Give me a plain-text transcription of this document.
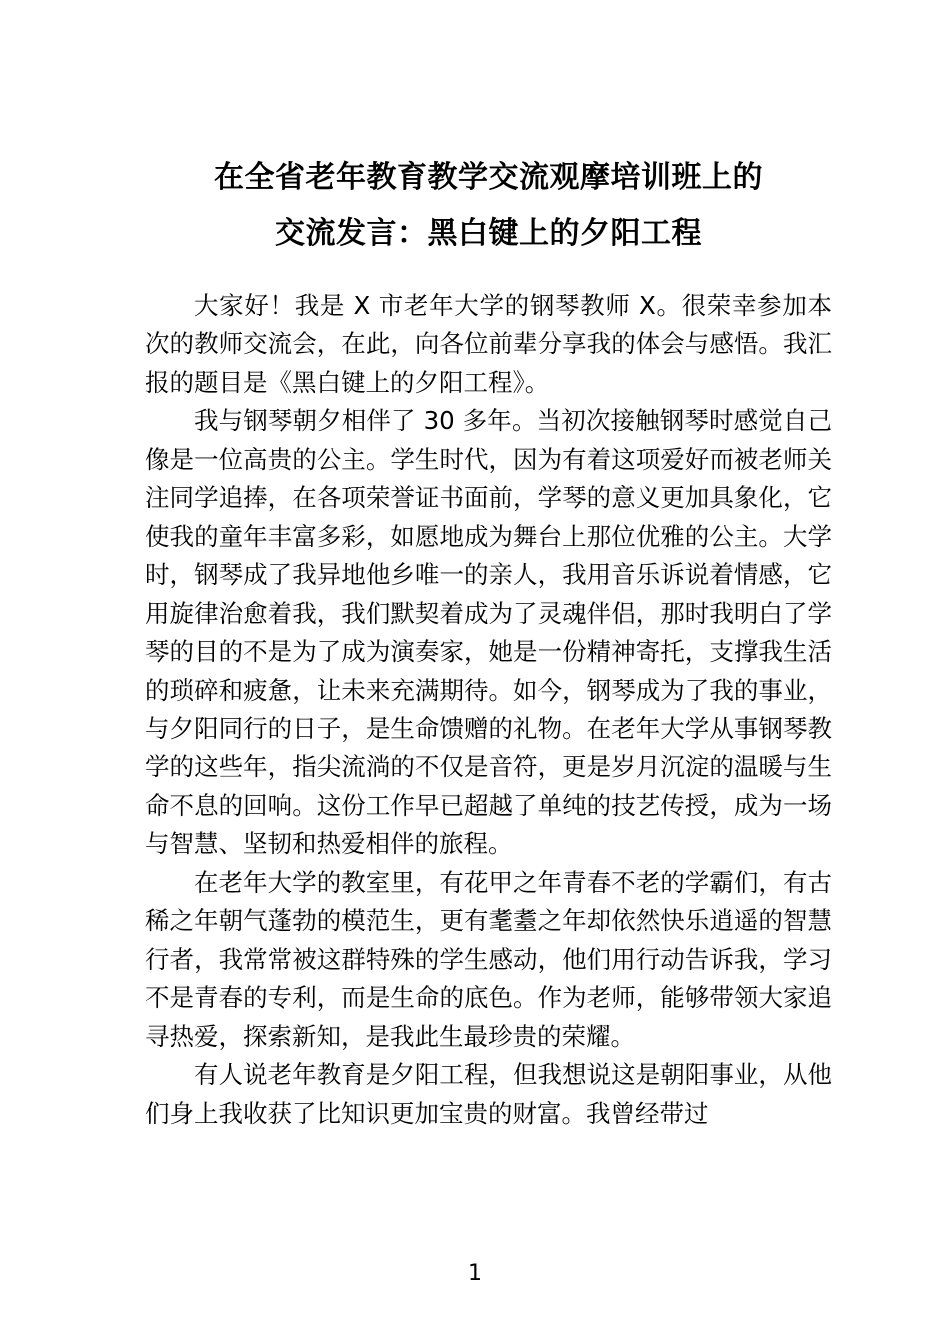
在全省老年教育教学交流观摩培训班上的
交流发言：黑白键上的夕阳工程

大家好！我是 X 市老年大学的钢琴教师 X。很荣幸参加本次的教师交流会，在此，向各位前辈分享我的体会与感悟。我汇报的题目是《黑白键上的夕阳工程》。

我与钢琴朝夕相伴了 30 多年。当初次接触钢琴时感觉自己像是一位高贵的公主。学生时代，因为有着这项爱好而被老师关注同学追捧，在各项荣誉证书面前，学琴的意义更加具象化，它使我的童年丰富多彩，如愿地成为舞台上那位优雅的公主。大学时，钢琴成了我异地他乡唯一的亲人，我用音乐诉说着情感，它用旋律治愈着我，我们默契着成为了灵魂伴侣，那时我明白了学琴的目的不是为了成为演奏家，她是一份精神寄托，支撑我生活的琐碎和疲惫，让未来充满期待。如今，钢琴成为了我的事业，与夕阳同行的日子，是生命馈赠的礼物。在老年大学从事钢琴教学的这些年，指尖流淌的不仅是音符，更是岁月沉淀的温暖与生命不息的回响。这份工作早已超越了单纯的技艺传授，成为一场与智慧、坚韧和热爱相伴的旅程。

在老年大学的教室里，有花甲之年青春不老的学霸们，有古稀之年朝气蓬勃的模范生，更有耄耋之年却依然快乐逍遥的智慧行者，我常常被这群特殊的学生感动，他们用行动告诉我，学习不是青春的专利，而是生命的底色。作为老师，能够带领大家追寻热爱，探索新知，是我此生最珍贵的荣耀。

有人说老年教育是夕阳工程，但我想说这是朝阳事业，从他们身上我收获了比知识更加宝贵的财富。我曾经带过

1
